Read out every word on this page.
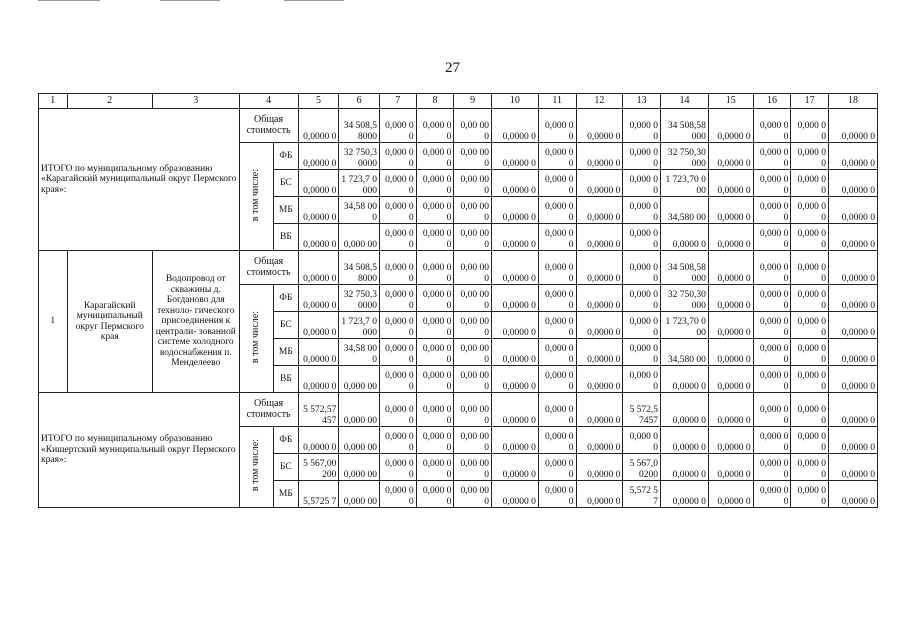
27
1	2	3	4		5	6	7	8	9	10	11	12	13	14	15	16	17	18
ИТОГО по муниципальному образованию «Карагайский муниципальный округ Пермского края»:			Общая стоимость		0,0000 0	34 508,5 8000	0,000 00	0,000 00	0,00 000	0,0000 0	0,000 00	0,0000 0	0,000 00	34 508,58 000	0,0000 0	0,000 00	0,000 00	0,0000 0
			в том числе:	ФБ	0,0000 0	32 750,3 0000	0,000 00	0,000 00	0,00 000	0,0000 0	0,000 00	0,0000 0	0,000 00	32 750,30 000	0,0000 0	0,000 00	0,000 00	0,0000 0
				БС	0,0000 0	1 723,7 0000	0,000 00	0,000 00	0,00 000	0,0000 0	0,000 00	0,0000 0	0,000 00	1 723,70 000	0,0000 0	0,000 00	0,000 00	0,0000 0
				МБ	0,0000 0	34,58 000	0,000 00	0,000 00	0,00 000	0,0000 0	0,000 00	0,0000 0	0,000 00	34,580 00	0,0000 0	0,000 00	0,000 00	0,0000 0
				ВБ	0,0000 0	0,000 00	0,000 00	0,000 00	0,00 000	0,0000 0	0,000 00	0,0000 0	0,000 00	0,0000 0	0,0000 0	0,000 00	0,000 00	0,0000 0
1	Карагайский муниципальный округ Пермского края	Водопровод от скважины д. Богданово для техноло- гического присоединения к централи- зованной системе холодного водоснабжения п. Менделеево	Общая стоимость		0,0000 0	34 508,5 8000	0,000 00	0,000 00	0,00 000	0,0000 0	0,000 00	0,0000 0	0,000 00	34 508,58 000	0,0000 0	0,000 00	0,000 00	0,0000 0
			в том числе:	ФБ	0,0000 0	32 750,3 0000	0,000 00	0,000 00	0,00 000	0,0000 0	0,000 00	0,0000 0	0,000 00	32 750,30 000	0,0000 0	0,000 00	0,000 00	0,0000 0
				БС	0,0000 0	1 723,7 0000	0,000 00	0,000 00	0,00 000	0,0000 0	0,000 00	0,0000 0	0,000 00	1 723,70 000	0,0000 0	0,000 00	0,000 00	0,0000 0
				МБ	0,0000 0	34,58 000	0,000 00	0,000 00	0,00 000	0,0000 0	0,000 00	0,0000 0	0,000 00	34,580 00	0,0000 0	0,000 00	0,000 00	0,0000 0
				ВБ	0,0000 0	0,000 00	0,000 00	0,000 00	0,00 000	0,0000 0	0,000 00	0,0000 0	0,000 00	0,0000 0	0,0000 0	0,000 00	0,000 00	0,0000 0
ИТОГО по муниципальному образованию «Кишертский муниципальный округ Пермского края»:			Общая стоимость		5 572,57 457	0,000 00	0,000 00	0,000 00	0,00 000	0,0000 0	0,000 00	0,0000 0	5 572,5 7457	0,0000 0	0,0000 0	0,000 00	0,000 00	0,0000 0
			в том числе:	ФБ	0,0000 0	0,000 00	0,000 00	0,000 00	0,00 000	0,0000 0	0,000 00	0,0000 0	0,000 00	0,0000 0	0,0000 0	0,000 00	0,000 00	0,0000 0
				БС	5 567,00 200	0,000 00	0,000 00	0,000 00	0,00 000	0,0000 0	0,000 00	0,0000 0	5 567,0 0200	0,0000 0	0,0000 0	0,000 00	0,000 00	0,0000 0
				МБ	5,5725 7	0,000 00	0,000 00	0,000 00	0,00 000	0,0000 0	0,000 00	0,0000 0	5,572 57	0,0000 0	0,0000 0	0,000 00	0,000 00	0,0000 0
